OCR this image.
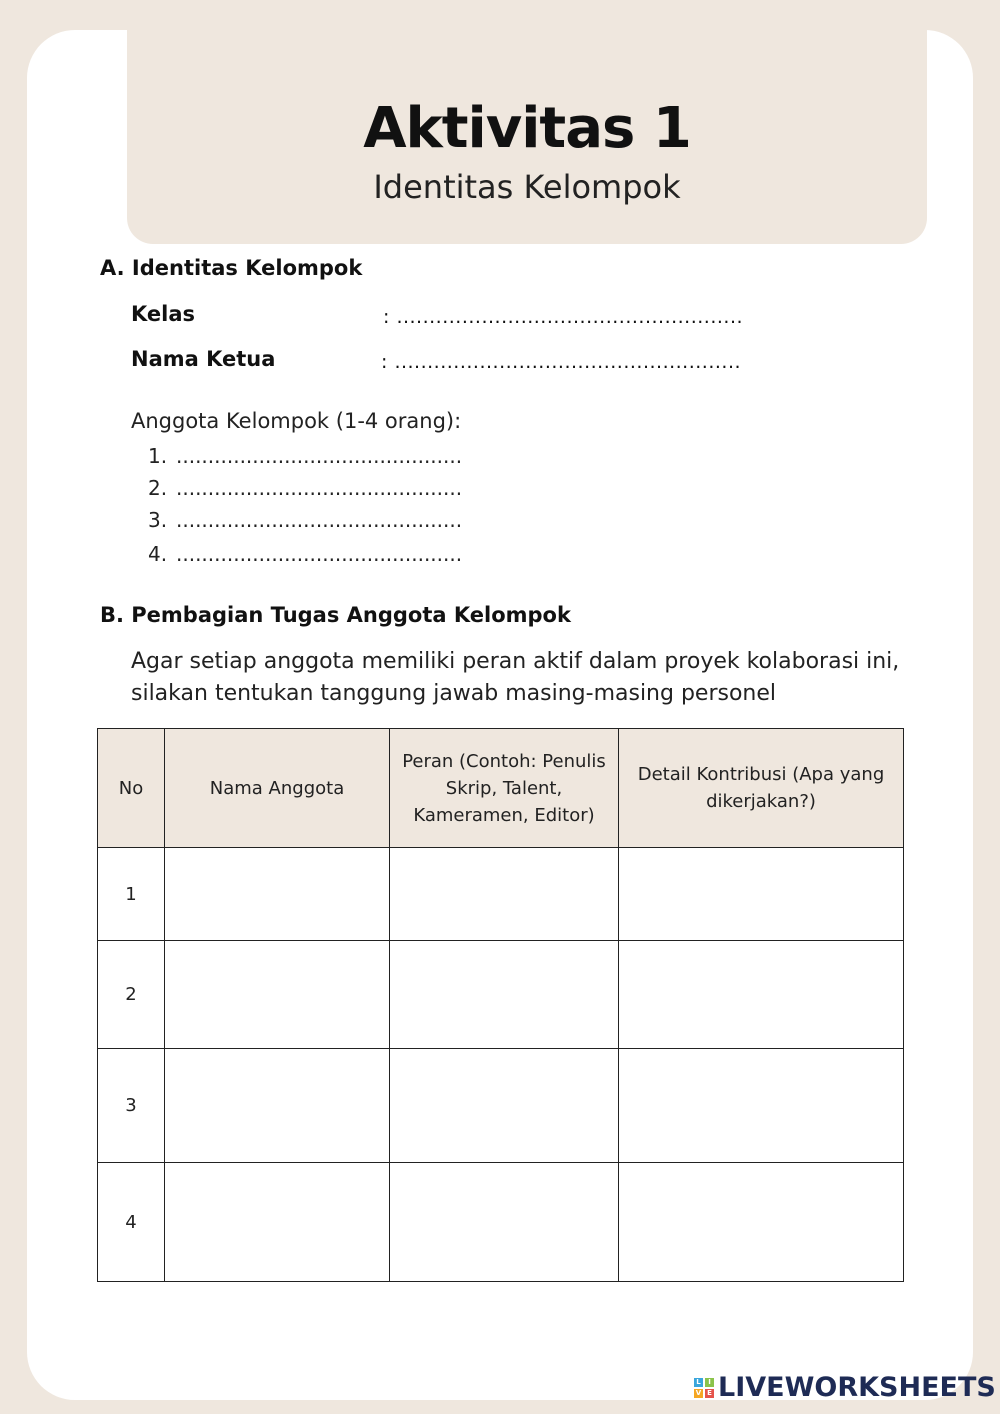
Aktivitas 1
Identitas Kelompok
A. Identitas Kelompok
Kelas	: .....................................................
Nama Ketua	: .....................................................
Anggota Kelompok (1-4 orang):
1. .............................................
2. .............................................
3. .............................................
4. .............................................
B. Pembagian Tugas Anggota Kelompok
Agar setiap anggota memiliki peran aktif dalam proyek kolaborasi ini, silakan tentukan tanggung jawab masing-masing personel
No	Nama Anggota	Peran (Contoh: Penulis Skrip, Talent, Kameramen, Editor)	Detail Kontribusi (Apa yang dikerjakan?)
1			
2			
3			
4			
L	I
V E LIVEWORKSHEETS
